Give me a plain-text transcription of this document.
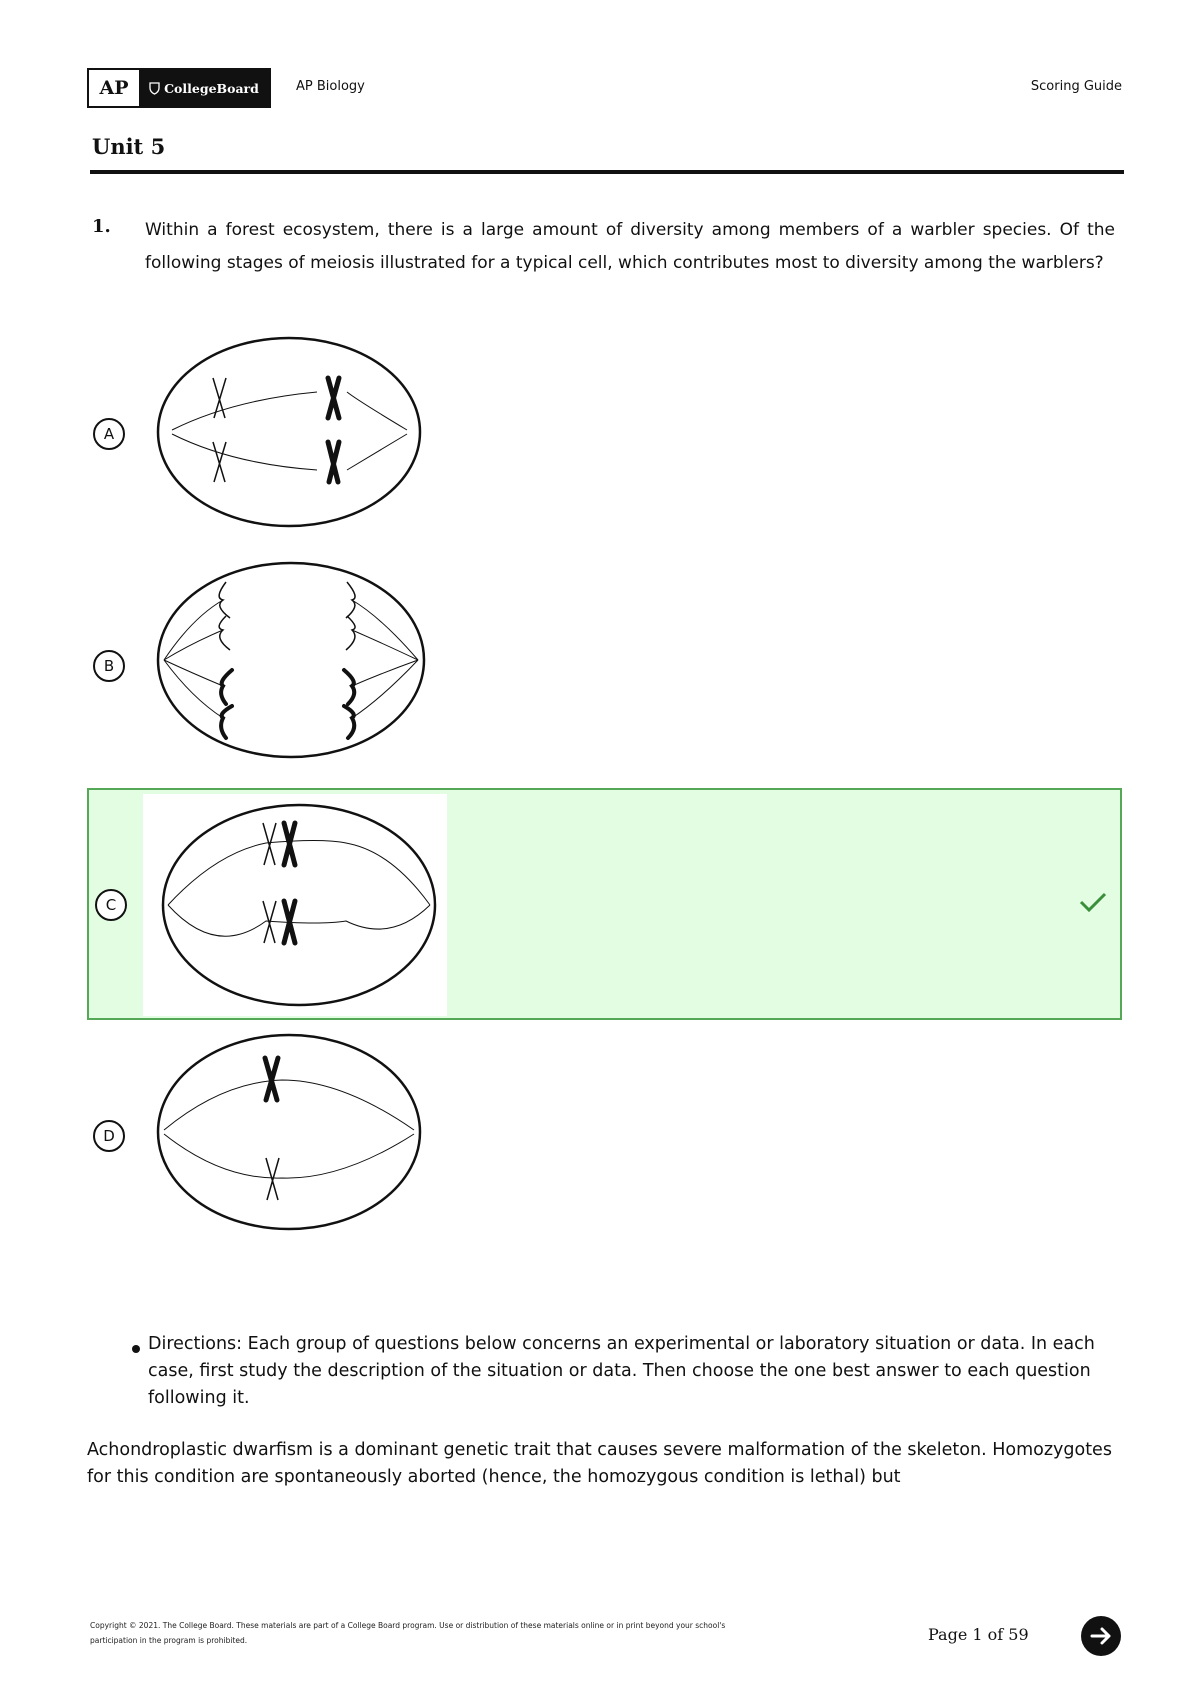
AP	CollegeBoard	AP Biology	Scoring Guide
Unit 5
1. Within a forest ecosystem, there is a large amount of diversity among members of a warbler species. Of the following stages of meiosis illustrated for a typical cell, which contributes most to diversity among the warblers?
A
B
C
D
Directions: Each group of questions below concerns an experimental or laboratory situation or data. In each case, first study the description of the situation or data. Then choose the one best answer to each question following it.
Achondroplastic dwarfism is a dominant genetic trait that causes severe malformation of the skeleton. Homozygotes for this condition are spontaneously aborted (hence, the homozygous condition is lethal) but
Copyright © 2021. The College Board. These materials are part of a College Board program. Use or distribution of these materials online or in print beyond your school's participation in the program is prohibited.	Page 1 of 59
